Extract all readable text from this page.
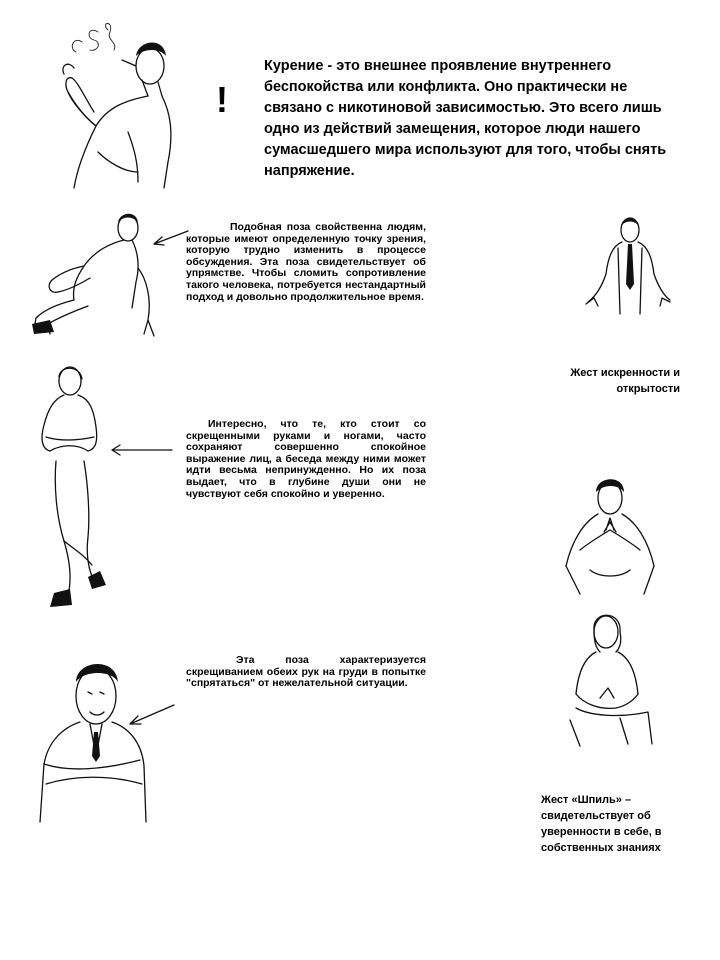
!
Курение - это внешнее проявление внутреннего беспокойства или конфликта. Оно практически не связано с никотиновой зависимостью. Это всего лишь одно из действий замещения, которое люди нашего сумасшедшего мира используют для того, чтобы снять напряжение.
Подобная поза свойственна людям, которые имеют определенную точку зрения, которую трудно изменить в процессе обсуждения. Эта поза свидетельствует об упрямстве. Чтобы сломить сопротивление такого человека, потребуется нестандартный подход и довольно продолжительное время.
Жест искренности и открытости
Интересно, что те, кто стоит со скрещенными руками и ногами, часто сохраняют совершенно спокойное выражение лиц, а беседа между ними может идти весьма непринужденно. Но их поза выдает, что в глубине души они не чувствуют себя спокойно и уверенно.
Эта поза характеризуется скрещиванием обеих рук на груди в попытке "спрятаться" от нежелательной ситуации.
Жест «Шпиль» – свидетельствует об уверенности в себе, в собственных знаниях
